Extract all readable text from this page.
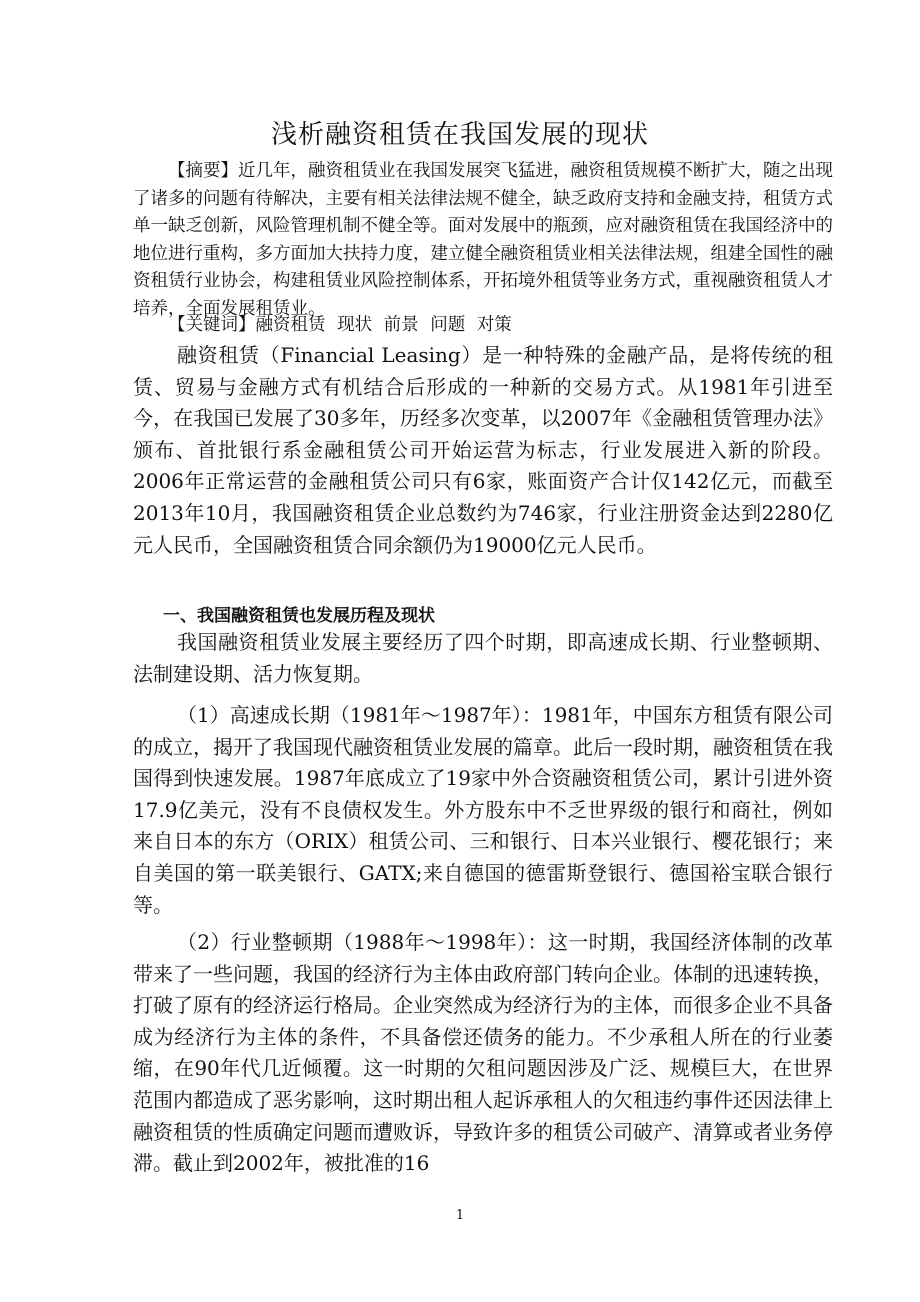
浅析融资租赁在我国发展的现状
【摘要】近几年，融资租赁业在我国发展突飞猛进，融资租赁规模不断扩大，随之出现了诸多的问题有待解决，主要有相关法律法规不健全，缺乏政府支持和金融支持，租赁方式单一缺乏创新，风险管理机制不健全等。面对发展中的瓶颈，应对融资租赁在我国经济中的地位进行重构，多方面加大扶持力度，建立健全融资租赁业相关法律法规，组建全国性的融资租赁行业协会，构建租赁业风险控制体系，开拓境外租赁等业务方式，重视融资租赁人才培养，全面发展租赁业。
【关键词】融资租赁 现状 前景 问题 对策
融资租赁（Financial Leasing）是一种特殊的金融产品，是将传统的租赁、贸易与金融方式有机结合后形成的一种新的交易方式。从1981年引进至今，在我国已发展了30多年，历经多次变革，以2007年《金融租赁管理办法》颁布、首批银行系金融租赁公司开始运营为标志，行业发展进入新的阶段。2006年正常运营的金融租赁公司只有6家，账面资产合计仅142亿元，而截至2013年10月，我国融资租赁企业总数约为746家，行业注册资金达到2280亿元人民币，全国融资租赁合同余额仍为19000亿元人民币。
一、我国融资租赁也发展历程及现状
我国融资租赁业发展主要经历了四个时期，即高速成长期、行业整顿期、法制建设期、活力恢复期。
（1）高速成长期（1981年～1987年）：1981年，中国东方租赁有限公司的成立，揭开了我国现代融资租赁业发展的篇章。此后一段时期，融资租赁在我国得到快速发展。1987年底成立了19家中外合资融资租赁公司，累计引进外资17.9亿美元，没有不良债权发生。外方股东中不乏世界级的银行和商社，例如来自日本的东方（ORIX）租赁公司、三和银行、日本兴业银行、樱花银行；来自美国的第一联美银行、GATX;来自德国的德雷斯登银行、德国裕宝联合银行等。
（2）行业整顿期（1988年～1998年）：这一时期，我国经济体制的改革带来了一些问题，我国的经济行为主体由政府部门转向企业。体制的迅速转换，打破了原有的经济运行格局。企业突然成为经济行为的主体，而很多企业不具备成为经济行为主体的条件，不具备偿还债务的能力。不少承租人所在的行业萎缩，在90年代几近倾覆。这一时期的欠租问题因涉及广泛、规模巨大，在世界范围内都造成了恶劣影响，这时期出租人起诉承租人的欠租违约事件还因法律上融资租赁的性质确定问题而遭败诉，导致许多的租赁公司破产、清算或者业务停滞。截止到2002年，被批准的16
1
